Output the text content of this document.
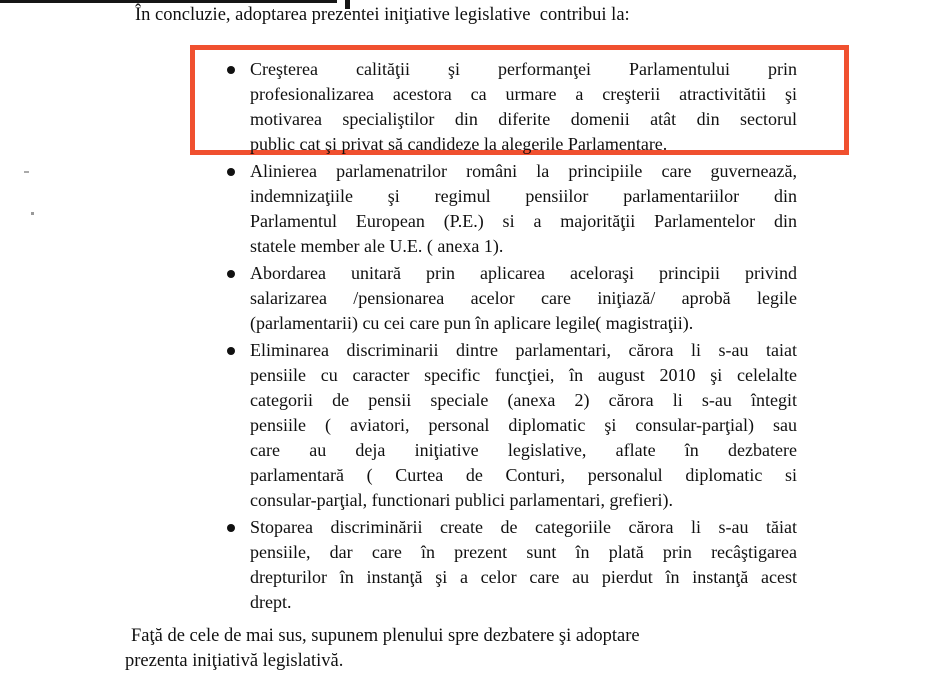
În concluzie, adoptarea prezentei iniţiative legislative  contribui la:

Creşterea calităţii şi performanţei Parlamentului prin
profesionalizarea acestora ca urmare a creşterii atractivitătii şi
motivarea specialiştilor din diferite domenii atât din sectorul
public cat şi privat să candideze la alegerile Parlamentare.
Alinierea parlamenatrilor români la principiile care guvernează,
indemnizaţiile şi regimul pensiilor parlamentariilor din
Parlamentul European (P.E.) si a majorităţii Parlamentelor din
statele member ale U.E. ( anexa 1).
Abordarea unitară prin aplicarea aceloraşi principii privind
salarizarea /pensionarea acelor care iniţiază/ aprobă legile
(parlamentarii) cu cei care pun în aplicare legile( magistraţii).
Eliminarea discriminarii dintre parlamentari, cărora li s-au taiat
pensiile cu caracter specific funcţiei, în august 2010 şi celelalte
categorii de pensii speciale (anexa 2) cărora li s-au întegit
pensiile ( aviatori, personal diplomatic şi consular-parţial) sau
care au deja iniţiative legislative, aflate în dezbatere
parlamentară ( Curtea de Conturi, personalul diplomatic si
consular-parţial, functionari publici parlamentari, grefieri).
Stoparea discriminării create de categoriile cărora li s-au tăiat
pensiile, dar care în prezent sunt în plată prin recâştigarea
drepturilor în instanţă şi a celor care au pierdut în instanţă acest
drept.
Faţă de cele de mai sus, supunem plenului spre dezbatere şi adoptare
prezenta iniţiativă legislativă.
